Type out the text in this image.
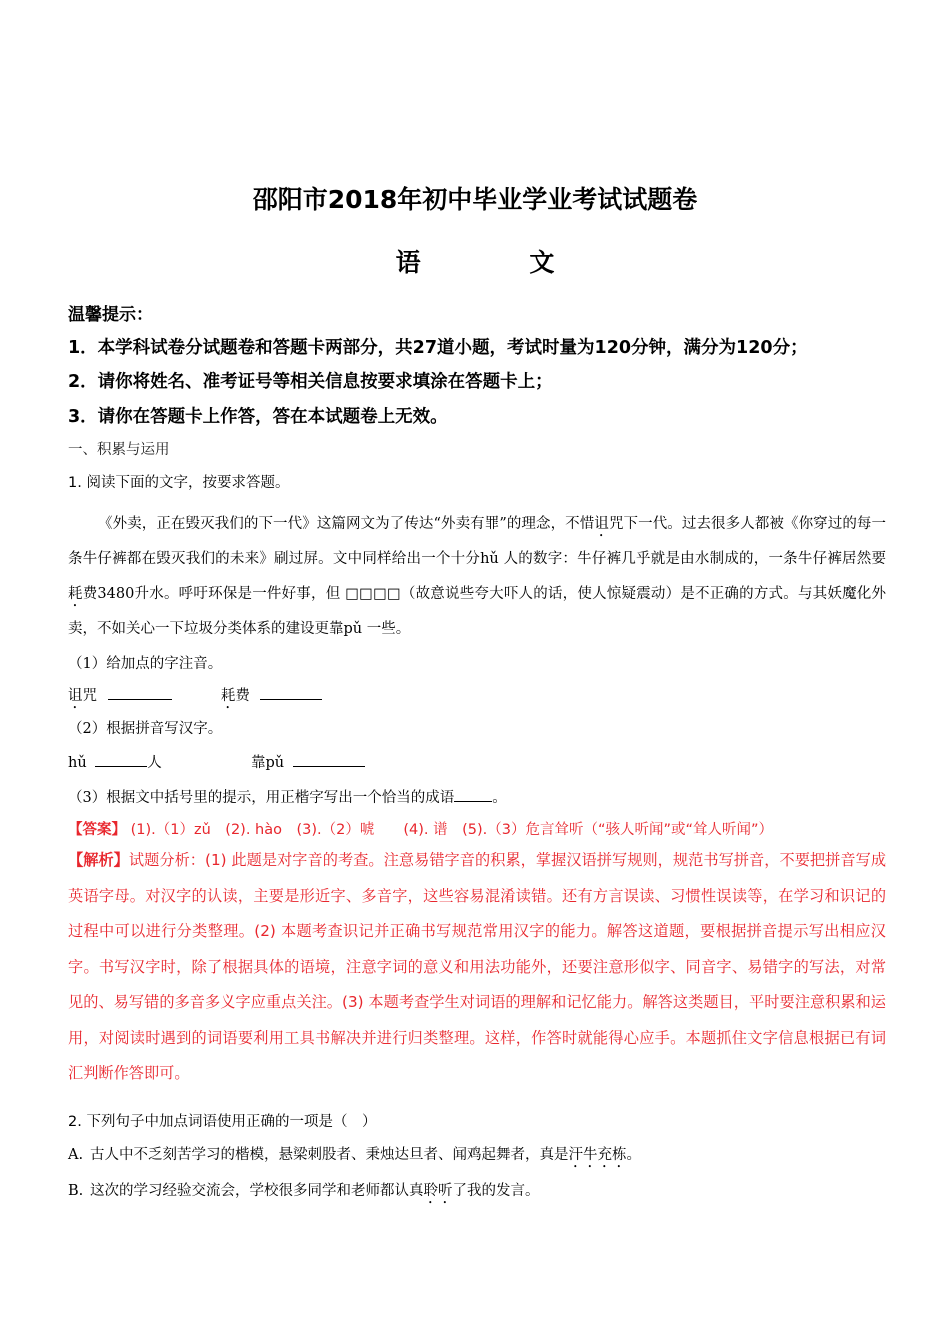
邵阳市2018年初中毕业学业考试试题卷
语 文
温馨提示：
1．本学科试卷分试题卷和答题卡两部分，共27道小题，考试时量为120分钟，满分为120分；
2．请你将姓名、准考证号等相关信息按要求填涂在答题卡上；
3．请你在答题卡上作答，答在本试题卷上无效。
一、积累与运用
1. 阅读下面的文字，按要求答题。

《外卖，正在毁灭我们的下一代》这篇网文为了传达“外卖有罪”的理念，不惜诅咒下一代。过去很多人都被《你穿过的每一条牛仔裤都在毁灭我们的未来》刷过屏。文中同样给出一个十分hǔ 人的数字：牛仔裤几乎就是由水制成的，一条牛仔裤居然要耗费3480升水。呼吁环保是一件好事，但 □□□□（故意说些夸大吓人的话，使人惊疑震动）是不正确的方式。与其妖魔化外卖，不如关心一下垃圾分类体系的建设更靠pǔ 一些。

（1）给加点的字注音。
诅咒	耗费
（2）根据拼音写汉字。
hǔ	人	靠pǔ
（3）根据文中括号里的提示，用正楷字写出一个恰当的成语	。
【答案】 (1).（1）zǔ　(2). hào　(3).（2）唬　　(4). 谱　(5).（3）危言耸听（“骇人听闻”或“耸人听闻”）
【解析】试题分析：(1) 此题是对字音的考查。注意易错字音的积累，掌握汉语拼写规则，规范书写拼音，不要把拼音写成英语字母。对汉字的认读，主要是形近字、多音字，这些容易混淆读错。还有方言误读、习惯性误读等，在学习和识记的过程中可以进行分类整理。(2) 本题考查识记并正确书写规范常用汉字的能力。解答这道题，要根据拼音提示写出相应汉字。书写汉字时，除了根据具体的语境，注意字词的意义和用法功能外，还要注意形似字、同音字、易错字的写法，对常见的、易写错的多音多义字应重点关注。(3) 本题考查学生对词语的理解和记忆能力。解答这类题目，平时要注意积累和运用，对阅读时遇到的词语要利用工具书解决并进行归类整理。这样，作答时就能得心应手。本题抓住文字信息根据已有词汇判断作答即可。
2. 下列句子中加点词语使用正确的一项是（　）
A. 古人中不乏刻苦学习的楷模，悬梁刺股者、秉烛达旦者、闻鸡起舞者，真是汗牛充栋。
B. 这次的学习经验交流会，学校很多同学和老师都认真聆听了我的发言。
